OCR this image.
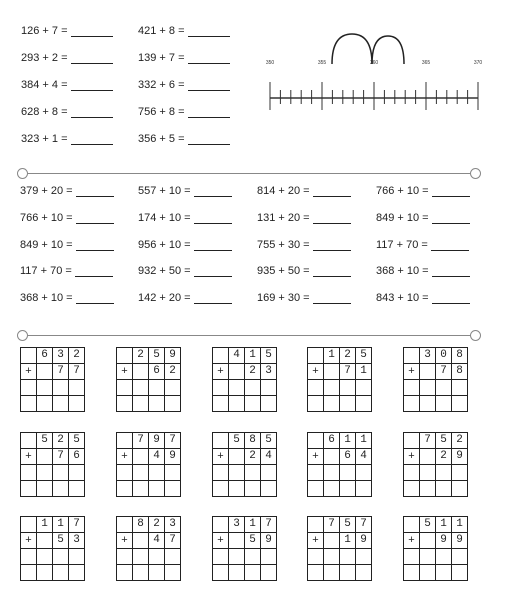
126 + 7 =
293 + 2 =
384 + 4 =
628 + 8 =
323 + 1 =
421 + 8 =
139 + 7 =
332 + 6 =
756 + 8 =
356 + 5 =
350	355	360	365	370
379 + 20 =
766 + 10 =
849 + 10 =
117 + 70 =
368 + 10 =
557 + 10 =
174 + 10 =
956 + 10 =
932 + 50 =
142 + 20 =
814 + 20 =
131 + 20 =
755 + 30 =
935 + 50 =
169 + 30 =
766 + 10 =
849 + 10 =
117 + 70 =
368 + 10 =
843 + 10 =
	6	3	2
+		7	7

	2	5	9
+		6	2

	4	1	5
+		2	3

	1	2	5
+		7	1

	3	0	8
+		7	8

	5	2	5
+		7	6

	7	9	7
+		4	9

	5	8	5
+		2	4

	6	1	1
+		6	4

	7	5	2
+		2	9

	1	1	7
+		5	3

	8	2	3
+		4	7

	3	1	7
+		5	9

	7	5	7
+		1	9

	5	1	1
+		9	9
